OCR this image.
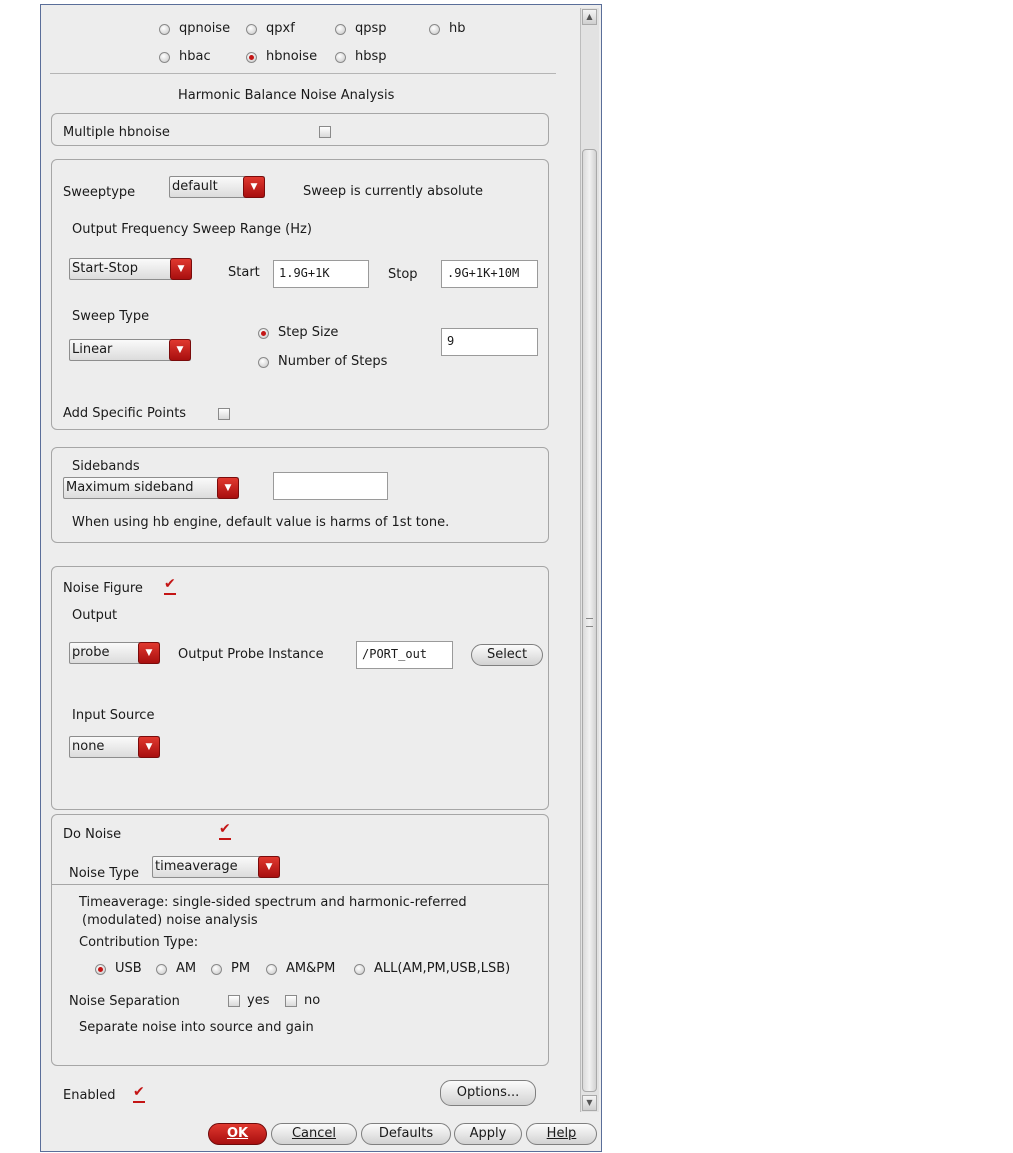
qpnoise	qpxf	qpsp	hb
hbac	hbnoise	hbsp
Harmonic Balance Noise Analysis
Multiple hbnoise
Sweeptype	default	▼	Sweep is currently absolute
Output Frequency Sweep Range (Hz)
Start-Stop	▼	Start	1.9G+1K	Stop	.9G+1K+10M
Sweep Type
Linear	▼
Step Size
Number of Steps
9
Add Specific Points
Sidebands
Maximum sideband	▼
When using hb engine, default value is harms of 1st tone.
Noise Figure
✔
Output
probe	▼	Output Probe Instance	/PORT_out	Select
Input Source
none	▼
Do Noise
✔
Noise Type timeaverage	▼
Timeaverage: single-sided spectrum and harmonic-referred
(modulated) noise analysis
Contribution Type:
USB	AM	PM	AM&PM	ALL(AM,PM,USB,LSB)
Noise Separation	yes	no
Separate noise into source and gain
Enabled
✔	Options...
OK	Cancel	Defaults	Apply	Help
▲
▼
